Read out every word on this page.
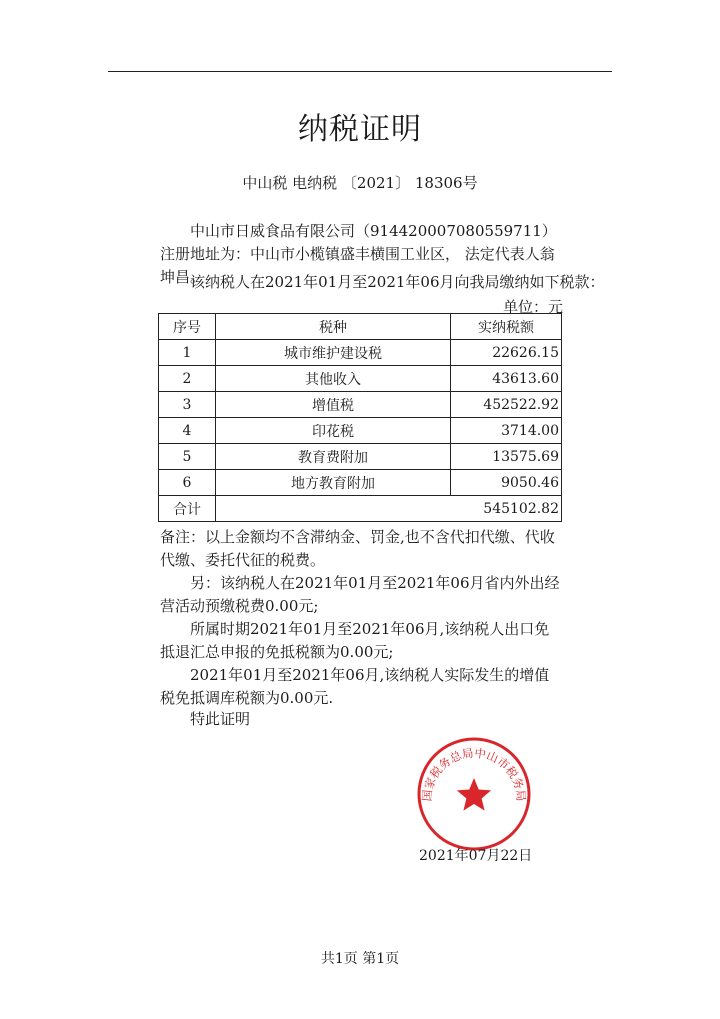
纳税证明
中山税 电纳税 〔2021〕 18306号

中山市日威食品有限公司（914420007080559711）注册地址为：中山市小榄镇盛丰横围工业区， 法定代表人翁坤昌。

该纳税人在2021年01月至2021年06月向我局缴纳如下税款：

单位：元
序号	税种	实纳税额
1	城市维护建设税	22626.15
2	其他收入	43613.60
3	增值税	452522.92
4	印花税	3714.00
5	教育费附加	13575.69
6	地方教育附加	9050.46
合计		545102.82

备注：以上金额均不含滞纳金、罚金,也不含代扣代缴、代收代缴、委托代征的税费。

另：该纳税人在2021年01月至2021年06月省内外出经营活动预缴税费0.00元;

所属时期2021年01月至2021年06月,该纳税人出口免抵退汇总申报的免抵税额为0.00元;

2021年01月至2021年06月,该纳税人实际发生的增值税免抵调库税额为0.00元.

特此证明

国家税务总局中山市税务局
2021年07月22日
共1页 第1页
